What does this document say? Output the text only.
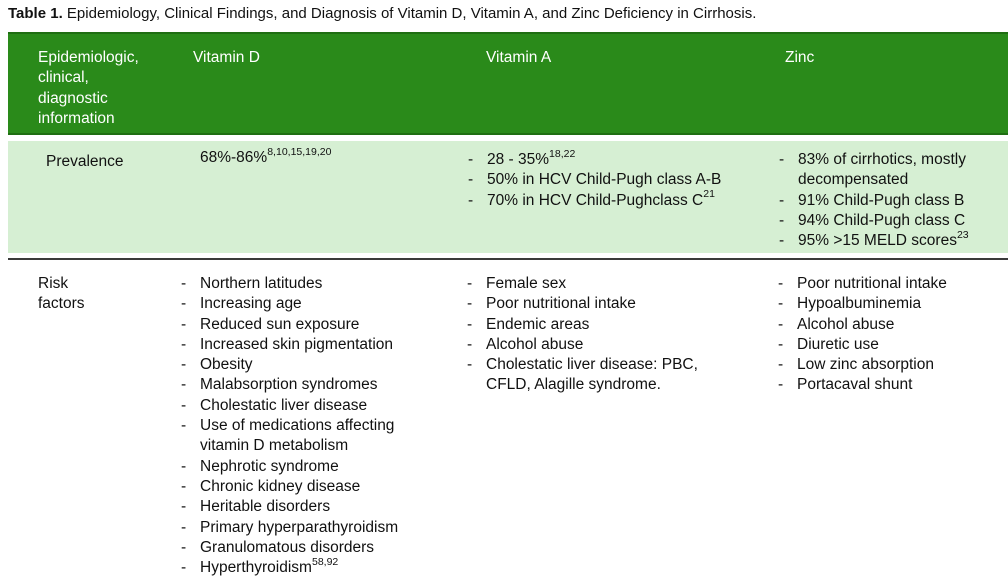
Table 1. Epidemiology, Clinical Findings, and Diagnosis of Vitamin D, Vitamin A, and Zinc Deficiency in Cirrhosis.
Epidemiologic,
clinical,
diagnostic
information
Vitamin D	Vitamin A	Zinc
Prevalence	68%-86%$^{8,10,15,19,20}$
-	28 - 35%$^{18,22}$
- 50% in HCV Child-Pugh class A-B
- 70% in HCV Child-Pughclass $C^{21}$
- 83% of cirrhotics, mostly decompensated
- 91% Child-Pugh class B
- 94% Child-Pugh class C
- 95% >15 MELD scores$^{23}$
Risk
factors
- Northern latitudes
- Increasing age
- Reduced sun exposure
- Increased skin pigmentation
- Obesity
- Malabsorption syndromes
- Cholestatic liver disease
- Use of medications affecting vitamin D metabolism
- Nephrotic syndrome
- Chronic kidney disease
- Heritable disorders
- Primary hyperparathyroidism
- Granulomatous disorders
- Hyperthyroidism$^{58,92}$
- Female sex
- Poor nutritional intake
- Endemic areas
- Alcohol abuse
- Cholestatic liver disease: PBC, CFLD, Alagille syndrome.
- Poor nutritional intake
- Hypoalbuminemia
- Alcohol abuse
- Diuretic use
- Low zinc absorption
- Portacaval shunt
